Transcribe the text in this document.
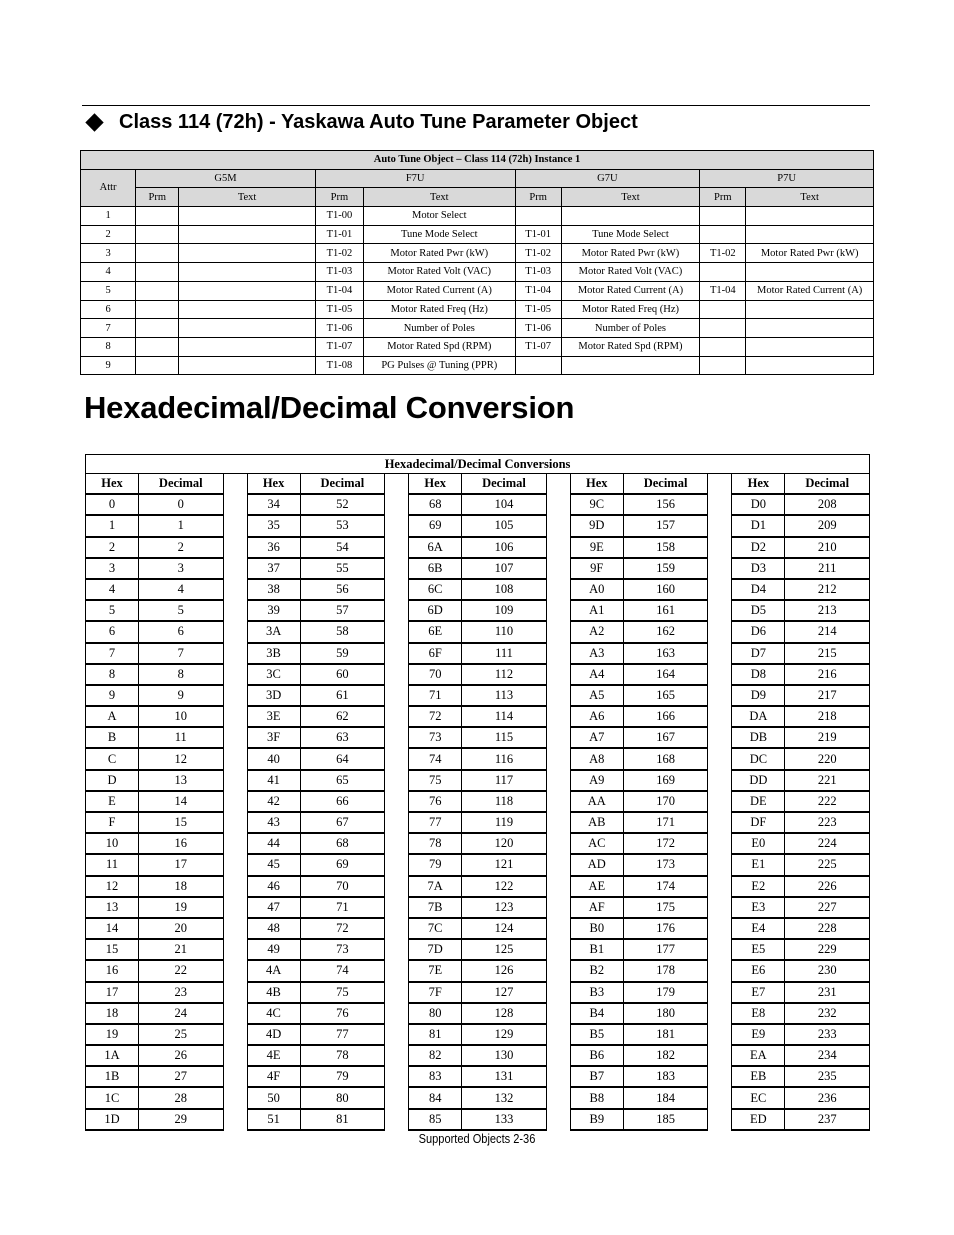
Class 114 (72h) - Yaskawa Auto Tune Parameter Object
Auto Tune Object – Class 114 (72h) Instance 1								
Attr	G5M		F7U		G7U		P7U	
	Prm	Text	Prm	Text	Prm	Text	Prm	Text
1			T1-00	Motor Select				
2			T1-01	Tune Mode Select	T1-01	Tune Mode Select		
3			T1-02	Motor Rated Pwr (kW)	T1-02	Motor Rated Pwr (kW)	T1-02	Motor Rated Pwr (kW)
4			T1-03	Motor Rated Volt (VAC)	T1-03	Motor Rated Volt (VAC)		
5			T1-04	Motor Rated Current (A)	T1-04	Motor Rated Current (A)	T1-04	Motor Rated Current (A)
6			T1-05	Motor Rated Freq (Hz)	T1-05	Motor Rated Freq (Hz)		
7			T1-06	Number of Poles	T1-06	Number of Poles		
8			T1-07	Motor Rated Spd (RPM)	T1-07	Motor Rated Spd (RPM)		
9			T1-08	PG Pulses @ Tuning (PPR)				
Hexadecimal/Decimal Conversion
Hexadecimal/Decimal Conversions													
Hex	Decimal		Hex	Decimal		Hex	Decimal		Hex	Decimal		Hex	Decimal
0	0		34	52		68	104		9C	156		D0	208
1	1		35	53		69	105		9D	157		D1	209
2	2		36	54		6A	106		9E	158		D2	210
3	3		37	55		6B	107		9F	159		D3	211
4	4		38	56		6C	108		A0	160		D4	212
5	5		39	57		6D	109		A1	161		D5	213
6	6		3A	58		6E	110		A2	162		D6	214
7	7		3B	59		6F	111		A3	163		D7	215
8	8		3C	60		70	112		A4	164		D8	216
9	9		3D	61		71	113		A5	165		D9	217
A	10		3E	62		72	114		A6	166		DA	218
B	11		3F	63		73	115		A7	167		DB	219
C	12		40	64		74	116		A8	168		DC	220
D	13		41	65		75	117		A9	169		DD	221
E	14		42	66		76	118		AA	170		DE	222
F	15		43	67		77	119		AB	171		DF	223
10	16		44	68		78	120		AC	172		E0	224
11	17		45	69		79	121		AD	173		E1	225
12	18		46	70		7A	122		AE	174		E2	226
13	19		47	71		7B	123		AF	175		E3	227
14	20		48	72		7C	124		B0	176		E4	228
15	21		49	73		7D	125		B1	177		E5	229
16	22		4A	74		7E	126		B2	178		E6	230
17	23		4B	75		7F	127		B3	179		E7	231
18	24		4C	76		80	128		B4	180		E8	232
19	25		4D	77		81	129		B5	181		E9	233
1A	26		4E	78		82	130		B6	182		EA	234
1B	27		4F	79		83	131		B7	183		EB	235
1C	28		50	80		84	132		B8	184		EC	236
1D	29		51	81		85	133		B9	185		ED	237
Supported Objects 2-36
